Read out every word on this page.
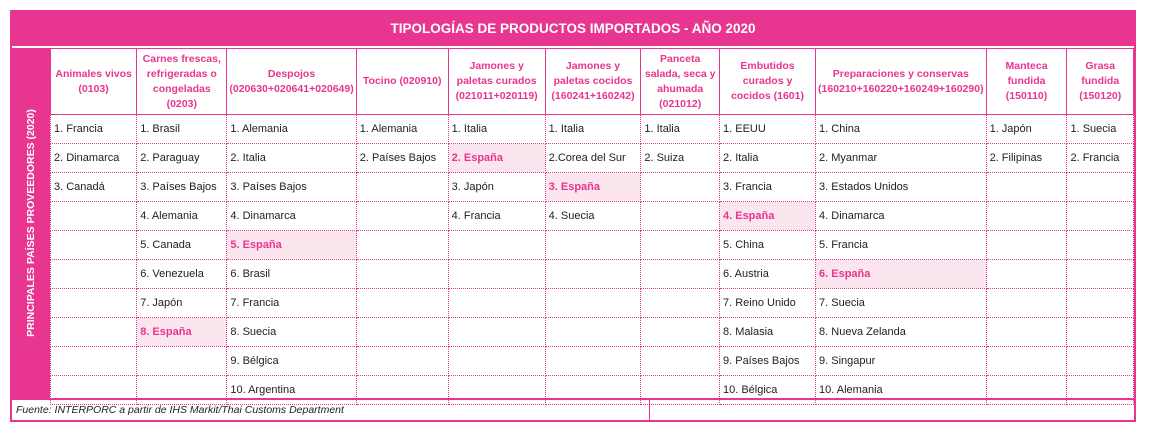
TIPOLOGÍAS DE PRODUCTOS IMPORTADOS - AÑO 2020
PRINCIPALES PAÍSES PROVEEDORES (2020)
Animales vivos (0103)	Carnes frescas, refrigeradas o congeladas (0203)	Despojos (020630+020641+020649)	Tocino (020910)	Jamones y paletas curados (021011+020119)	Jamones y paletas cocidos (160241+160242)	Panceta salada, seca y ahumada (021012)	Embutidos curados y cocidos (1601)	Preparaciones y conservas (160210+160220+160249+160290)	Manteca fundida (150110)	Grasa fundida (150120)
1. Francia	1. Brasil	1. Alemania	1. Alemania	1. Italia	1. Italia	1. Italia	1. EEUU	1. China	1. Japón	1. Suecia
2. Dinamarca	2. Paraguay	2. Italia	2. Países Bajos	2. España	2.Corea del Sur	2. Suiza	2. Italia	2. Myanmar	2. Filipinas	2. Francia
3. Canadá	3. Países Bajos	3. Países Bajos		3. Japón	3. España		3. Francia	3. Estados Unidos		
	4. Alemania	4. Dinamarca		4. Francia	4. Suecia		4. España	4. Dinamarca		
	5. Canada	5. España					5. China	5. Francia		
	6. Venezuela	6. Brasil					6. Austria	6. España		
	7. Japón	7. Francia					7. Reino Unido	7. Suecia		
	8. España	8. Suecia					8. Malasia	8. Nueva Zelanda		
		9. Bélgica					9. Países Bajos	9. Singapur		
		10. Argentina					10. Bélgica	10. Alemania		
Fuente: INTERPORC a partir de IHS Markit/Thai Customs Department
